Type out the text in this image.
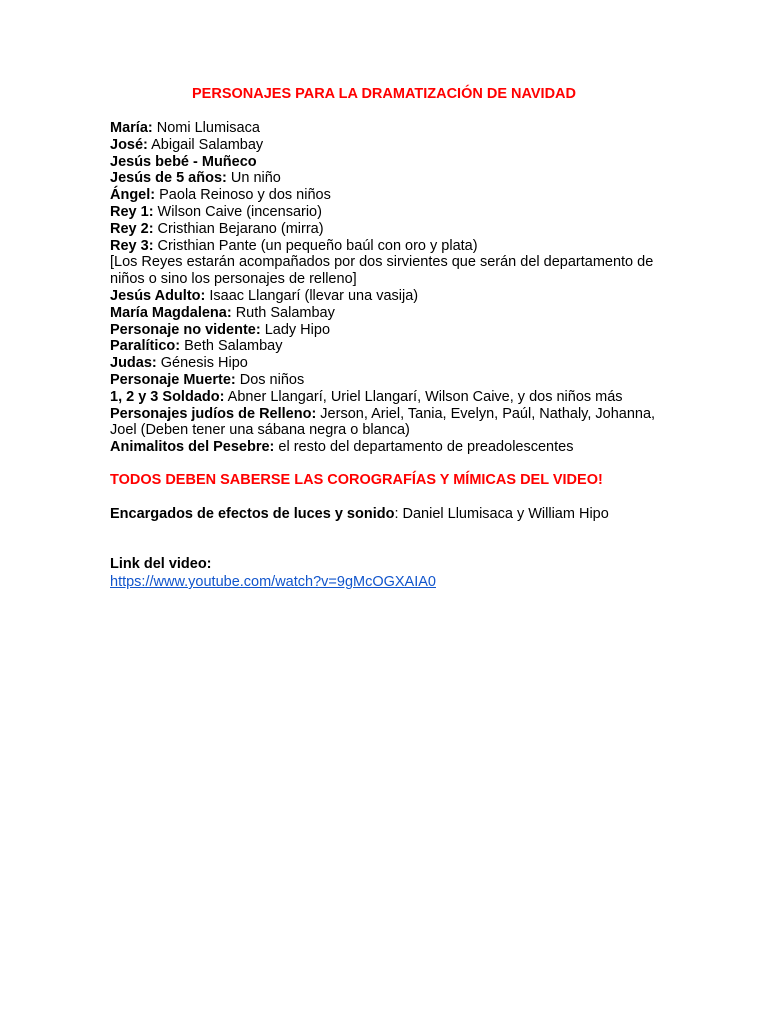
PERSONAJES PARA LA DRAMATIZACIÓN DE NAVIDAD
María: Nomi Llumisaca
José: Abigail Salambay
Jesús bebé - Muñeco
Jesús de 5 años: Un niño
Ángel: Paola Reinoso y dos niños
Rey 1: Wilson Caive (incensario)
Rey 2: Cristhian Bejarano (mirra)
Rey 3: Cristhian Pante (un pequeño baúl con oro y plata)
[Los Reyes estarán acompañados por dos sirvientes que serán del departamento de niños o sino los personajes de relleno]
Jesús Adulto: Isaac Llangarí (llevar una vasija)
María Magdalena: Ruth Salambay
Personaje no vidente: Lady Hipo
Paralítico: Beth Salambay
Judas: Génesis Hipo
Personaje Muerte: Dos niños
1, 2 y 3 Soldado: Abner Llangarí, Uriel Llangarí, Wilson Caive, y dos niños más
Personajes judíos de Relleno: Jerson, Ariel, Tania, Evelyn, Paúl, Nathaly, Johanna, Joel (Deben tener una sábana negra o blanca)
Animalitos del Pesebre: el resto del departamento de preadolescentes
TODOS DEBEN SABERSE LAS COROGRAFÍAS Y MÍMICAS DEL VIDEO!
Encargados de efectos de luces y sonido: Daniel Llumisaca y William Hipo
Link del video:
https://www.youtube.com/watch?v=9gMcOGXAIA0
